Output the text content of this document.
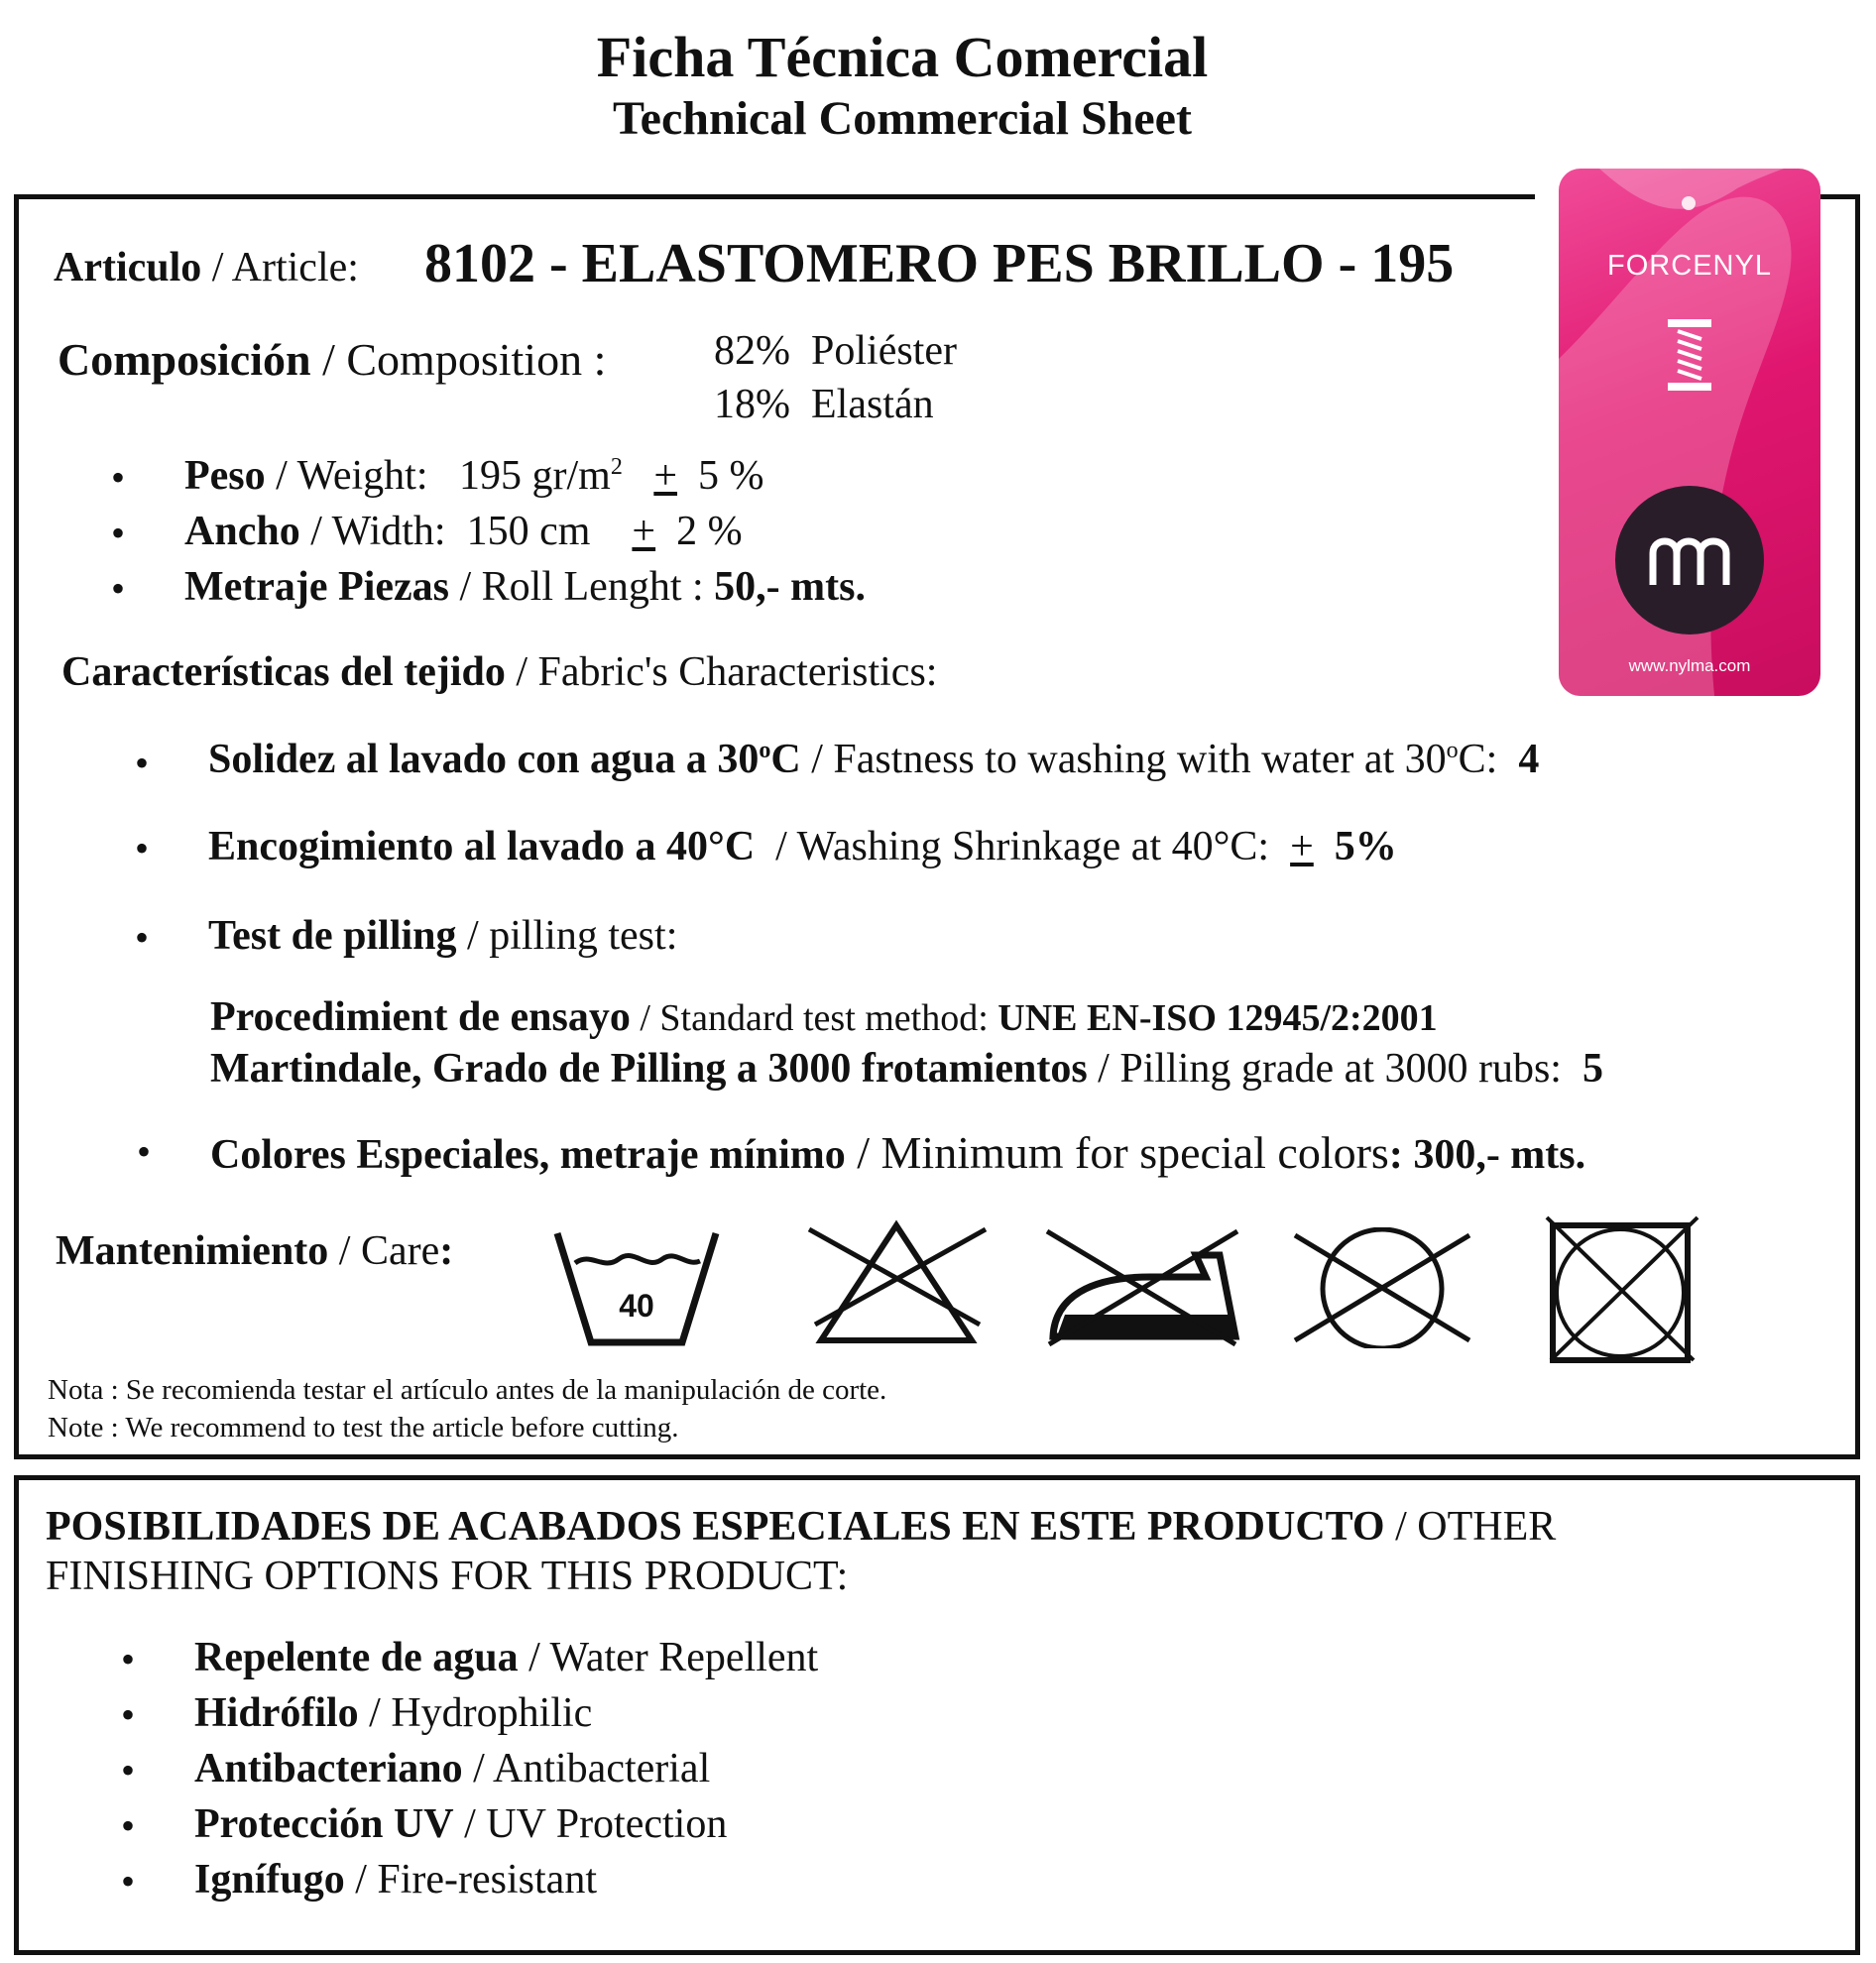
Ficha Técnica Comercial
Technical Commercial Sheet
FORCENYL
www.nylma.com
Articulo / Article: 8102 - ELASTOMERO PES BRILLO - 195
Composición / Composition :	82% Poliéster
18% Elastán
• Peso / Weight: 195 $gr/m^2 + 5$ %
• Ancho / Width: 150 cm + 2 %
• Metraje Piezas / Roll Lenght : 50,- mts.
Características del tejido / Fabric's Characteristics:
• Solidez al lavado con agua a 30$^o$C / Fastness to washing with water at 30$^o$C: 4
• Encogimiento al lavado a 40°C  / Washing Shrinkage at 40°C: + 5%
• Test de pilling / pilling test:
Procedimient de ensayo / Standard test method: UNE EN-ISO 12945/2:2001
Martindale, Grado de Pilling a 3000 frotamientos / Pilling grade at 3000 rubs: 5
• Colores Especiales, metraje mínimo / Minimum for special colors: 300,- mts.
Mantenimiento / Care:
40
Nota : Se recomienda testar el artículo antes de la manipulación de corte.
Note : We recommend to test the article before cutting.
POSIBILIDADES DE ACABADOS ESPECIALES EN ESTE PRODUCTO / OTHER
FINISHING OPTIONS FOR THIS PRODUCT:
• Repelente de agua / Water Repellent
• Hidrófilo / Hydrophilic
• Antibacteriano / Antibacterial
• Protección UV / UV Protection
• Ignífugo / Fire-resistant
